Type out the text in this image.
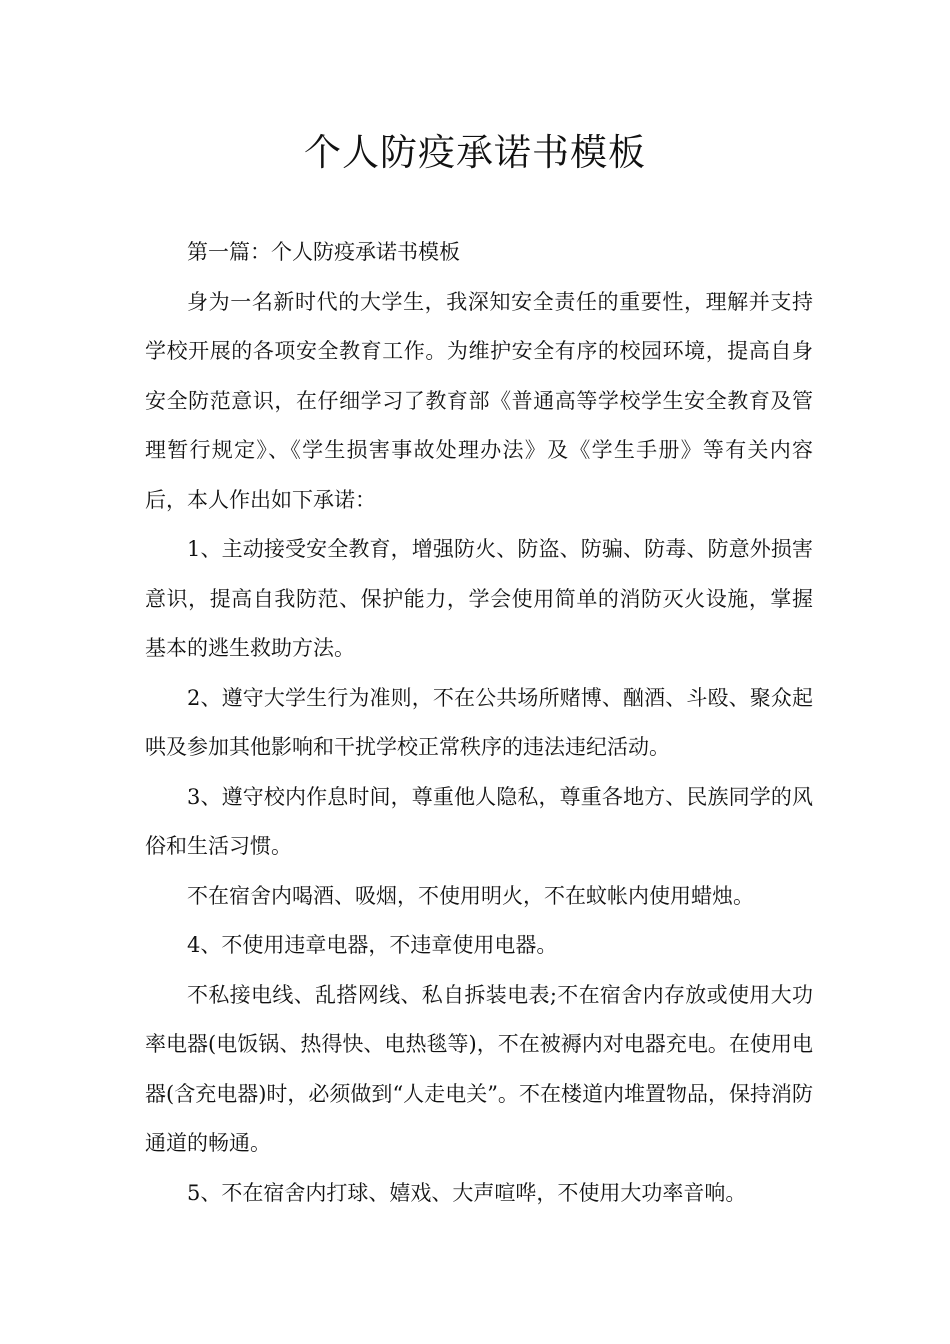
个人防疫承诺书模板

第一篇：个人防疫承诺书模板

身为一名新时代的大学生，我深知安全责任的重要性，理解并支持学校开展的各项安全教育工作。为维护安全有序的校园环境，提高自身安全防范意识，在仔细学习了教育部《普通高等学校学生安全教育及管理暂行规定》、《学生损害事故处理办法》及《学生手册》等有关内容后，本人作出如下承诺：

1、主动接受安全教育，增强防火、防盗、防骗、防毒、防意外损害意识，提高自我防范、保护能力，学会使用简单的消防灭火设施，掌握基本的逃生救助方法。

2、遵守大学生行为准则，不在公共场所赌博、酗酒、斗殴、聚众起哄及参加其他影响和干扰学校正常秩序的违法违纪活动。

3、遵守校内作息时间，尊重他人隐私，尊重各地方、民族同学的风俗和生活习惯。

不在宿舍内喝酒、吸烟，不使用明火，不在蚊帐内使用蜡烛。

4、不使用违章电器，不违章使用电器。

不私接电线、乱搭网线、私自拆装电表;不在宿舍内存放或使用大功率电器(电饭锅、热得快、电热毯等)，不在被褥内对电器充电。在使用电器(含充电器)时，必须做到“人走电关”。不在楼道内堆置物品，保持消防通道的畅通。

5、不在宿舍内打球、嬉戏、大声喧哗，不使用大功率音响。
